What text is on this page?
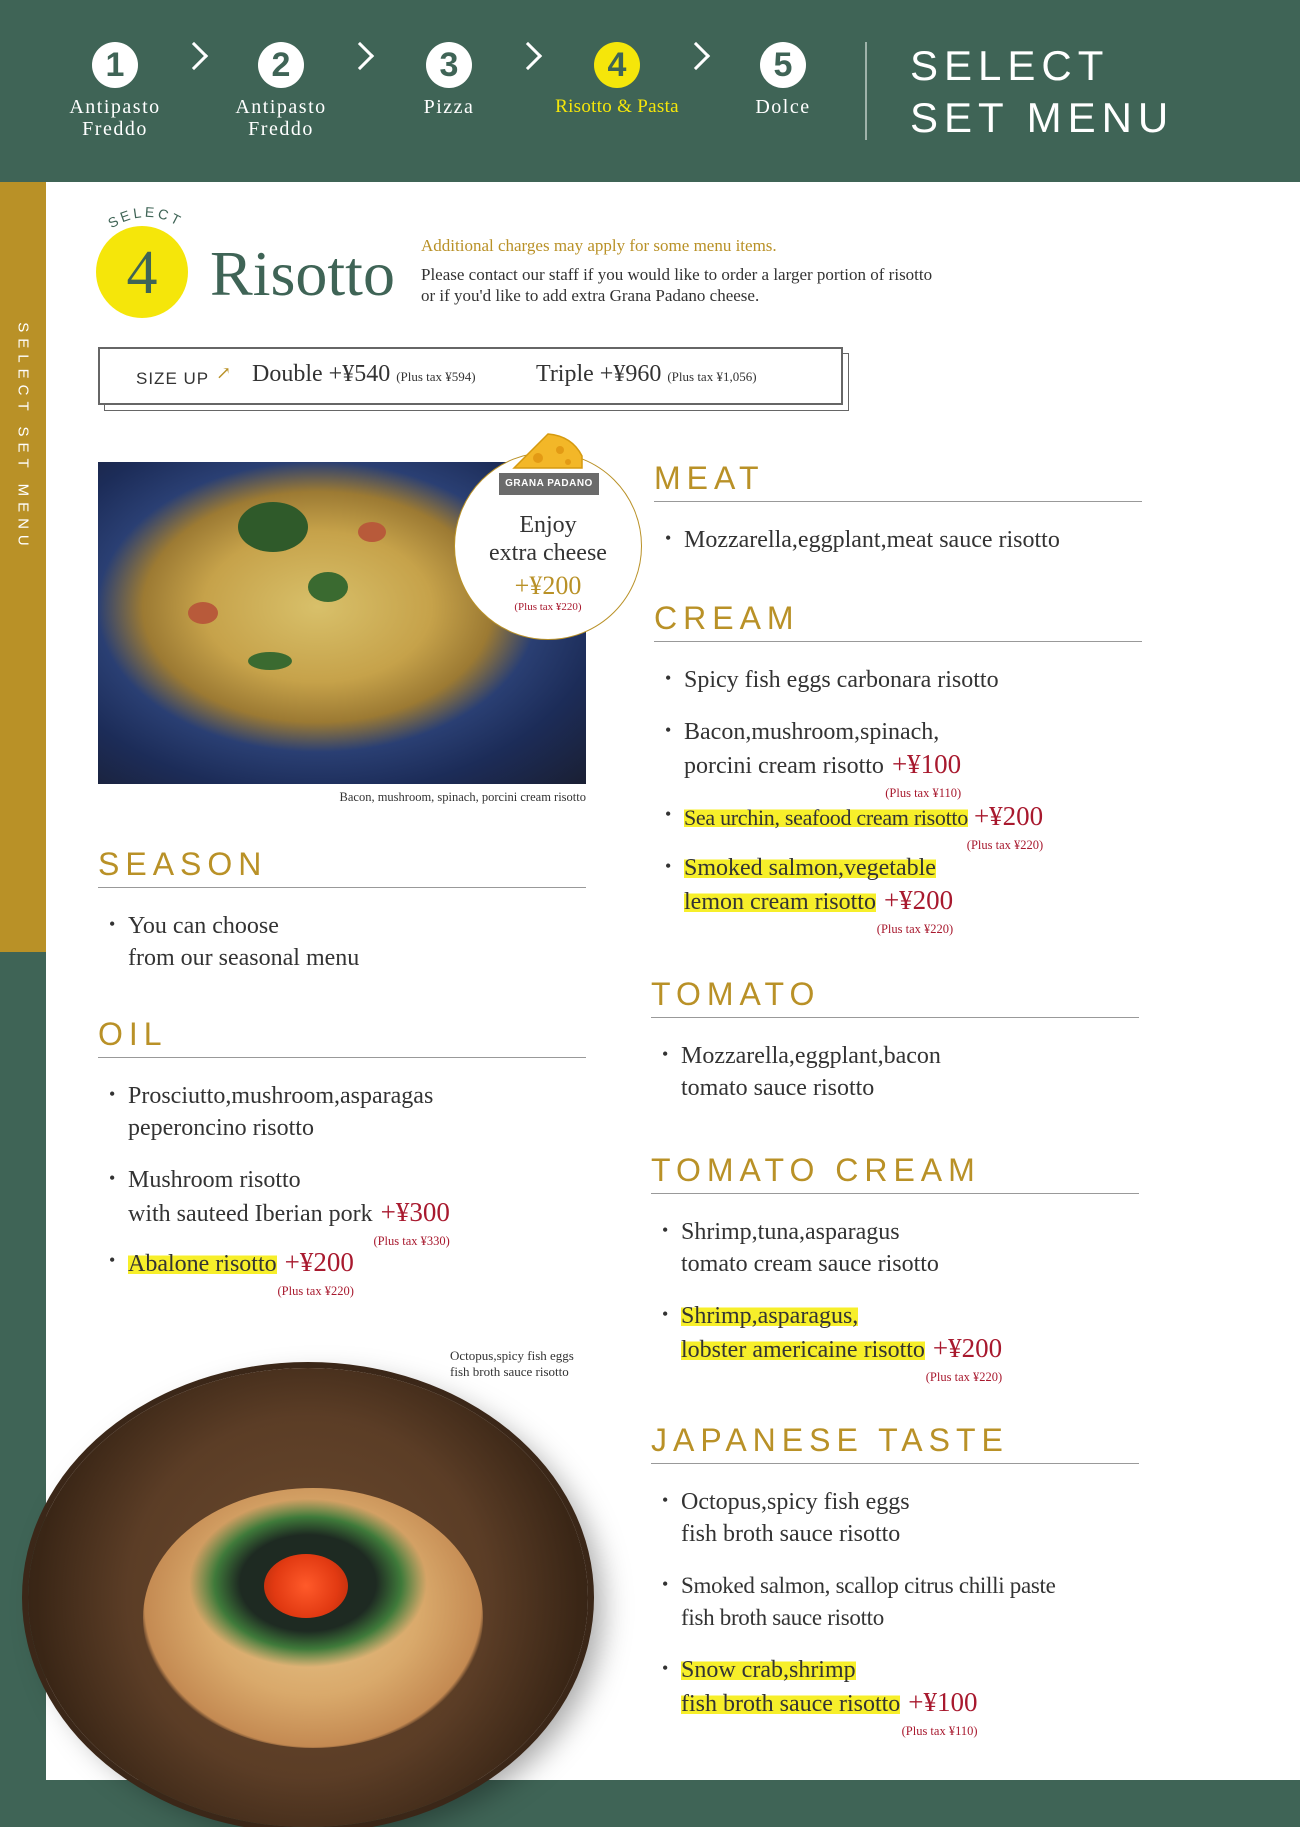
1
Antipasto
Freddo
2
Antipasto
Freddo
3
Pizza
4
Risotto & Pasta
5
Dolce
SELECT
SET MENU
SELECT SET MENU
SELECT
4 Risotto Additional charges may apply for some menu items.
Please contact our staff if you would like to order a larger portion of risotto
or if you'd like to add extra Grana Padano cheese.
SIZE UP ↗ Double +¥540 (Plus tax ¥594)	Triple +¥960 (Plus tax ¥1,056)
Bacon, mushroom, spinach, porcini cream risotto
GRANA PADANO
Enjoy
extra cheese
+¥200
(Plus tax ¥220)
SEASON
• You can choose
from our seasonal menu
OIL
• Prosciutto,mushroom,asparagas
peperoncino risotto
• Mushroom risotto
with sauteed Iberian pork +¥300
(Plus tax ¥330)
• Abalone risotto +¥200
(Plus tax ¥220)
Octopus,spicy fish eggs
fish broth sauce risotto
MEAT
• Mozzarella,eggplant,meat sauce risotto
CREAM
• Spicy fish eggs carbonara risotto
• Bacon,mushroom,spinach,
porcini cream risotto +¥100
(Plus tax ¥110)
• Sea urchin, seafood cream risotto +¥200
(Plus tax ¥220)
• Smoked salmon,vegetable
lemon cream risotto +¥200
(Plus tax ¥220)
TOMATO
• Mozzarella,eggplant,bacon
tomato sauce risotto
TOMATO CREAM
• Shrimp,tuna,asparagus
tomato cream sauce risotto
• Shrimp,asparagus,
lobster americaine risotto +¥200
(Plus tax ¥220)
JAPANESE TASTE
• Octopus,spicy fish eggs
fish broth sauce risotto
• Smoked salmon, scallop citrus chilli paste
fish broth sauce risotto
• Snow crab,shrimp
fish broth sauce risotto +¥100
(Plus tax ¥110)
